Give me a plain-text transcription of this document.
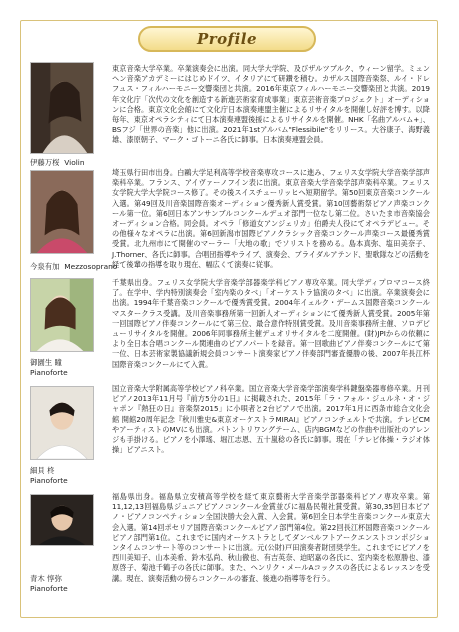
Profile
伊藤万桜 Violin
東京音楽大学卒業。卒業演奏会に出演。同大学大学院、及びザルツブルク、ウィーン留学。ミュンヘン音楽アカデミーにはじめドイツ、イタリアにて研鑽を積む。カザルス国際音楽祭、ルイ・ドレフュス・フィルハーモニー交響楽団と共演。2016年東京フィルハーモニー交響楽団と共演。2019年文化庁「次代の文化を創造する新進芸術家育成事業」東京芸術音楽プロジェクト」オーディションに合格。東京文化会館にて文化庁日本演奏連盟主催によるリサイタルを開催し好評を博す。以降毎年、東京オペラシティにて日本演奏連盟後援によるリサイタルを開催。NHK「名曲アルバム+」、BSフジ「世界の音楽」他に出演。2021年1stアルバム"Flessibile"をリリース。大谷康子、海野義雄、漆原朝子、マーク・ゴトーニ各氏に師事。日本演奏連盟会員。
今泉有加 Mezzosoprano
埼玉県行田市出身。白鷗大学足利高等学校音楽専攻コースに進み、フェリス女学院大学音楽学部声楽科卒業。フランス、アイヴァーノフイン表に出演。東京音楽大学音楽学部声楽科卒業。フェリス女学院大学大学院コース修了。その後スイスチューリッヒへ短期留学。第50回東京音楽コンクール入選。第49回及川音楽国際音楽オーディション優秀新人賞受賞。第10回藝術祭ピアノ声楽コンクール第一位。第6回日本アンサンブルコンクールデュオ部門一位なし第二位。さいたま市音楽協会オーディション合格。同会員。オペラ「修道女アンジェリカ」伯爵夫人役にてオペラデビュー。その他様々なオペラに出演。第6回新潟市国際ピアノクラシック音楽コンクール声楽コース最優秀賞受賞。北九州市にて開催のマーラー「大地の歌」でソリストを務める。島本真弥、塩田美奈子、J.Thorner、各氏に師事。合唱団指導やライブ、演奏会、ブライダルアテンド、聖歌隊などの活動を経て後輩の指導を取り現在、幅広くて演奏に従事。
御園生 瞳
Pianoforte
千葉県出身。フェリス女学院大学音楽学部器楽学科ピアノ専攻卒業。同大学ディプロマコース終了。在学中、学内特別演奏会「室内楽のタベ」「オーケストラ協演のタベ」に出演。卒業演奏会に出演。1994年千葉音楽コンクールで優秀賞受賞。2004年イェルク・デームス国際音楽コンクールマスタークラス受講。及川音楽事務所第一回新人オーディションにて優秀新人賞受賞。2005年第一回国際ピアノ伴奏コンクールにて第三位、最合意作特別賞受賞。及川音楽事務所主催、ソロデビューリサイタルを開催。2006年同事務所主催デュオリサイタルを二度開催。(財)JPIからの依頼により全日本合唱コンクール関連曲のピアノパートを録音。第一回歌曲ピアノ伴奏コンクールにて第一位、日本芸術家製協議新規会員コンサート演奏家ピアノ伴奏部門審査優勝の後、2007年長江杯国際音楽コンクールにて入賞。
細貝 柊
Pianoforte
国立音楽大学附属高等学校ピアノ科卒業。国立音楽大学音楽学部演奏学科鍵盤楽器専修卒業。月刊ピアノ2013年11月号『前方5分の1日』に掲載された、2015年「ラ・フォル・ジュルネ・オ・ジャポン『熱狂の日』音楽祭2015」に小唄者と2台ピアノで出演。2017年1月に西条市総合文化会館 開館20周年記念『秋川雅史&東京オーケストラMIRAI』ピアノコンチェルトで共演。テレビCMやアーティストのMVにも出演。パトントリワングテーム、店内BGMなどの作曲や出版社のアレンジも手掛ける。ピアノを小澤瑤、堀江志恩、五十嵐稔の各氏に師事。現在「テレビ体操・ラジオ体操」ピアニスト。
青木 惇弥
Pianoforte
福島県出身。福島県立安積高等学校を経て東京藝術大学音楽学部器楽科ピアノ専攻卒業。第11,12,13回福島県ジュニアピアノコンクール金賞並びに福島民報社賞受賞。第30,35回日本ピアノ・ピアノコンペティション全国決勝大会入賞、入会賞。第6回全日本学生音楽コンクール東京大会入選。第14回ポセリア国際音楽コンクールピアノ部門第4位。第22回長江杯国際音楽コンクールピアノ部門第1位。これまでに国内オーケストラとしてダンベルフトアークエンストコンポジションタイムコンサート等のコンサートに出演。元(公財)戸田演奏者財団奨学生。これまでにピアノを西川美知子、山本美希、鈴木弘尚、秋山徹也、有吉英奈、迫昭嘉の各氏に、室内楽を松原勝也、漆原啓子、菊池千鶴子の各氏に師事。また、ヘンリク・メールAコックスの各氏によるレッスンを受講。現在、演奏活動の傍らコンクールの審査、後進の指導等を行う。
